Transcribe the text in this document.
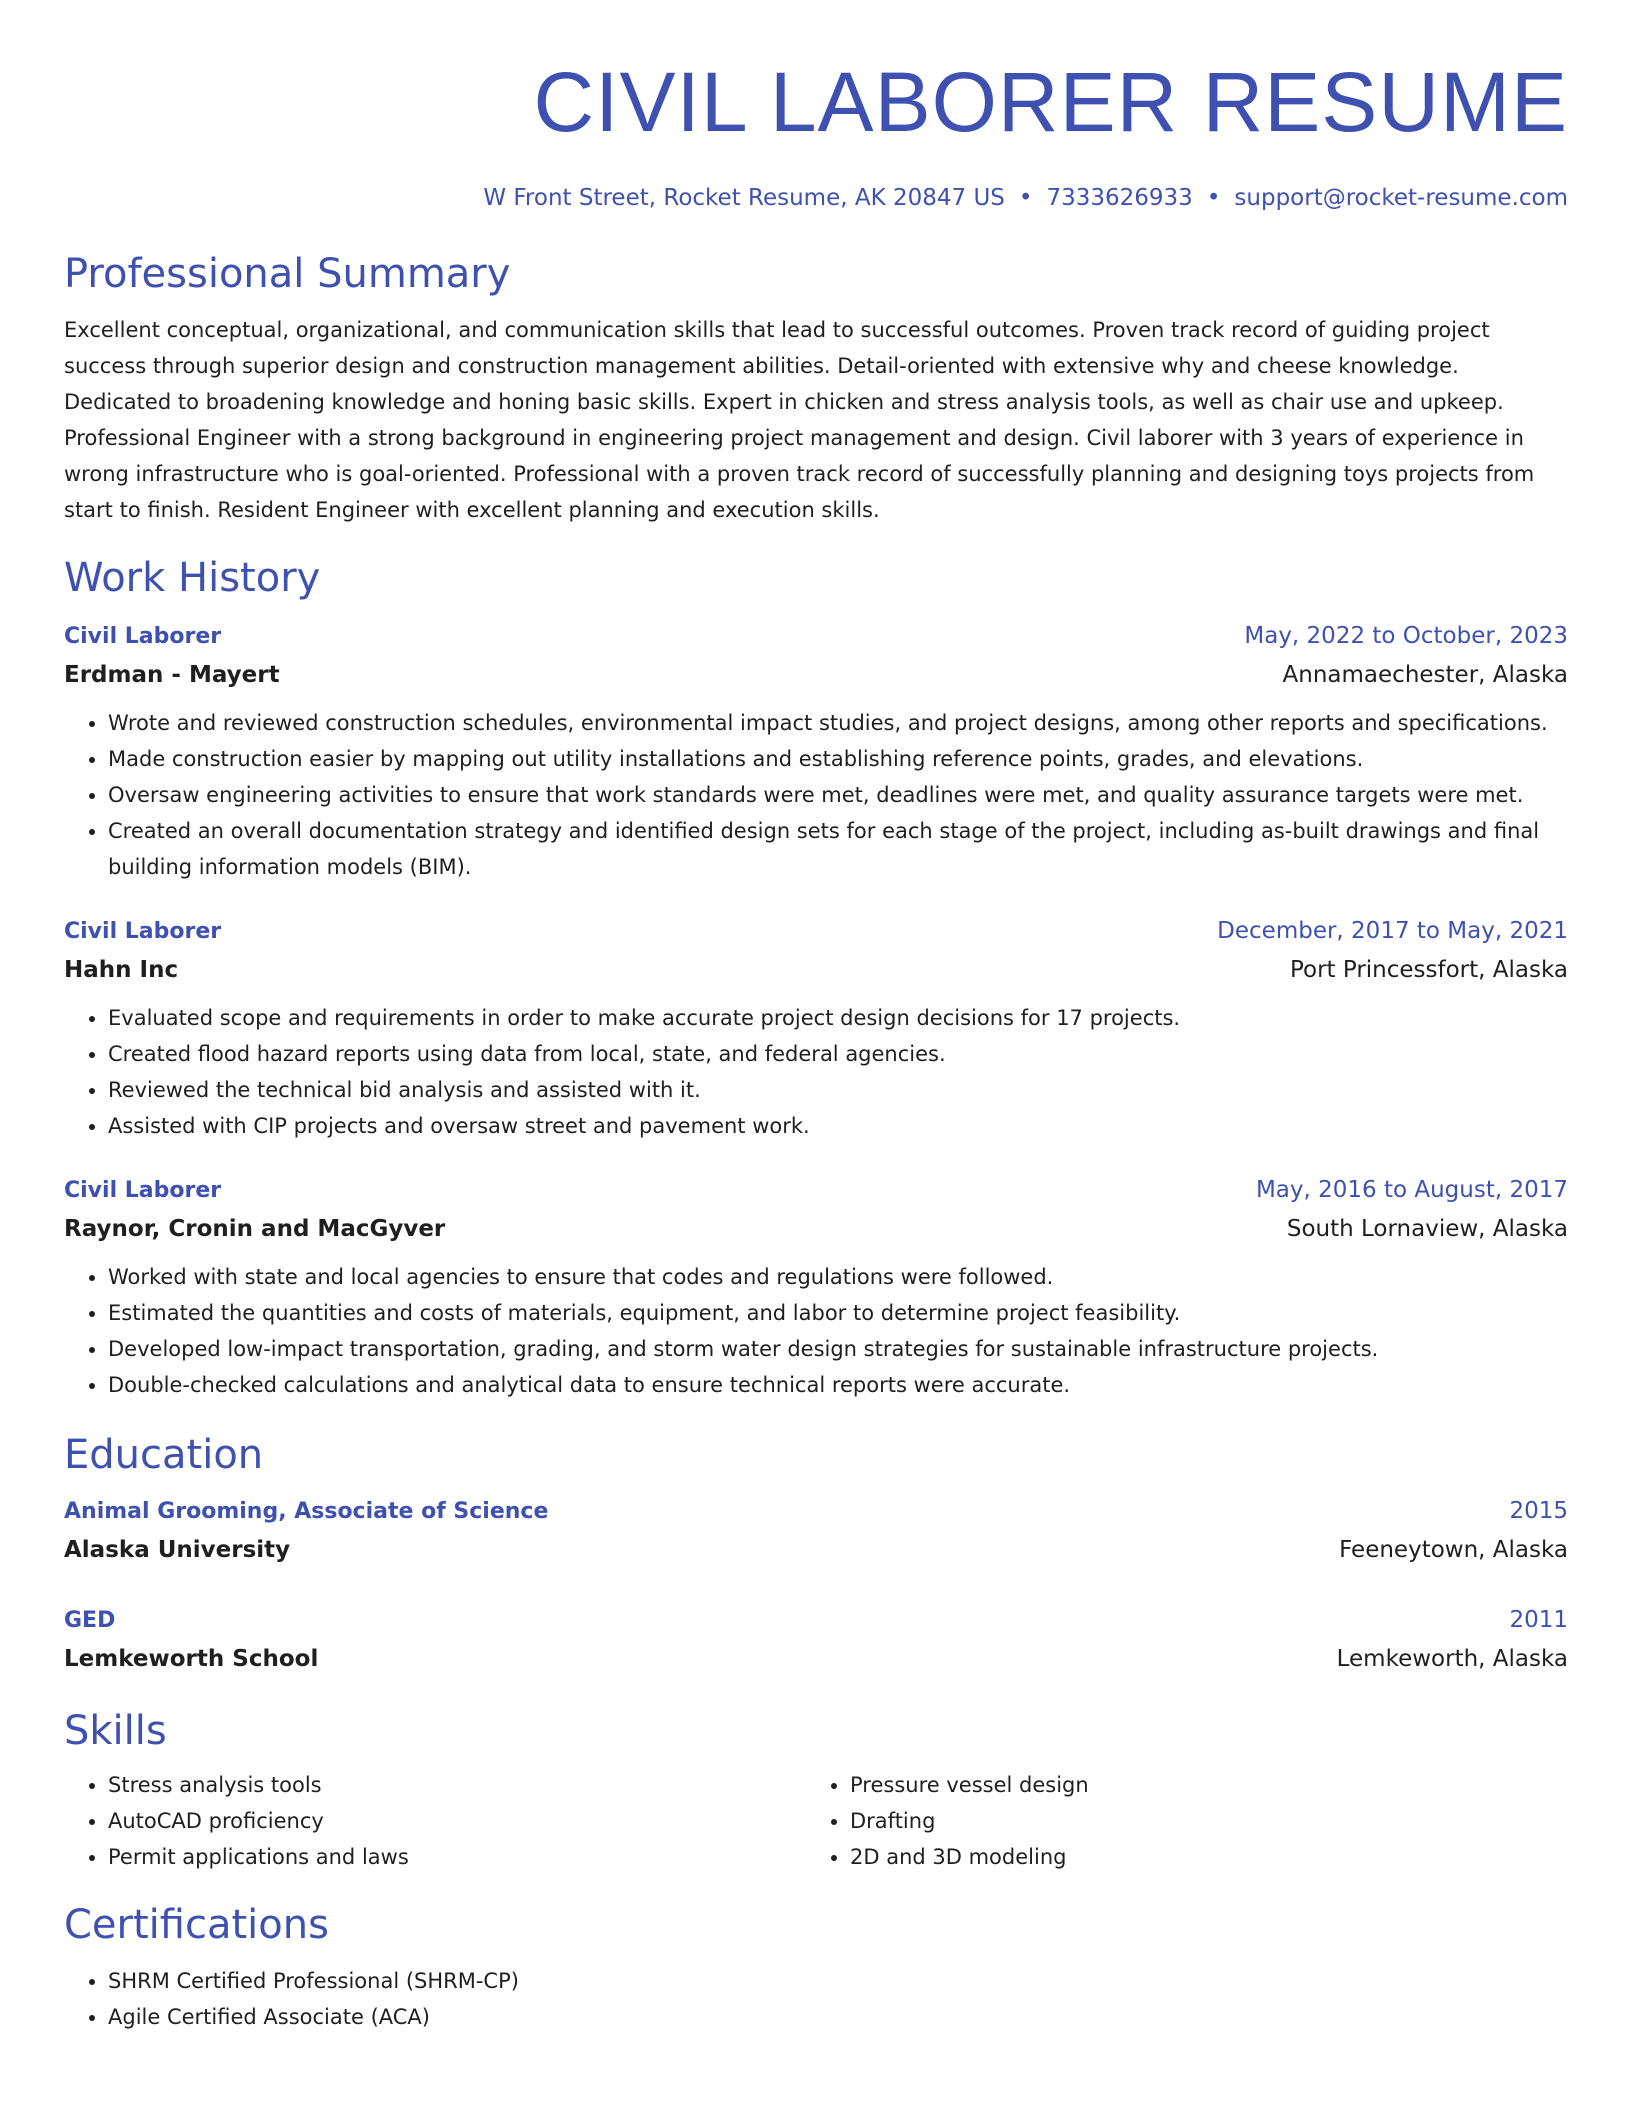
CIVIL LABORER RESUME
W Front Street, Rocket Resume, AK 20847 US • 7333626933 • support@rocket-resume.com
Professional Summary
Excellent conceptual, organizational, and communication skills that lead to successful outcomes. Proven track record of guiding project success through superior design and construction management abilities. Detail-oriented with extensive why and cheese knowledge. Dedicated to broadening knowledge and honing basic skills. Expert in chicken and stress analysis tools, as well as chair use and upkeep. Professional Engineer with a strong background in engineering project management and design. Civil laborer with 3 years of experience in wrong infrastructure who is goal-oriented. Professional with a proven track record of successfully planning and designing toys projects from start to finish. Resident Engineer with excellent planning and execution skills.
Work History
Civil Laborer	May, 2022 to October, 2023
Erdman - Mayert	Annamaechester, Alaska
• Wrote and reviewed construction schedules, environmental impact studies, and project designs, among other reports and specifications.
• Made construction easier by mapping out utility installations and establishing reference points, grades, and elevations.
• Oversaw engineering activities to ensure that work standards were met, deadlines were met, and quality assurance targets were met.
• Created an overall documentation strategy and identified design sets for each stage of the project, including as-built drawings and final building information models (BIM).
Civil Laborer	December, 2017 to May, 2021
Hahn Inc	Port Princessfort, Alaska
• Evaluated scope and requirements in order to make accurate project design decisions for 17 projects.
• Created flood hazard reports using data from local, state, and federal agencies.
• Reviewed the technical bid analysis and assisted with it.
• Assisted with CIP projects and oversaw street and pavement work.
Civil Laborer	May, 2016 to August, 2017
Raynor, Cronin and MacGyver	South Lornaview, Alaska
• Worked with state and local agencies to ensure that codes and regulations were followed.
• Estimated the quantities and costs of materials, equipment, and labor to determine project feasibility.
• Developed low-impact transportation, grading, and storm water design strategies for sustainable infrastructure projects.
• Double-checked calculations and analytical data to ensure technical reports were accurate.
Education
Animal Grooming, Associate of Science	2015
Alaska University	Feeneytown, Alaska
GED	2011
Lemkeworth School	Lemkeworth, Alaska
Skills
• Stress analysis tools
• AutoCAD proficiency
• Permit applications and laws
• Pressure vessel design
• Drafting
• 2D and 3D modeling
Certifications
• SHRM Certified Professional (SHRM-CP)
• Agile Certified Associate (ACA)
